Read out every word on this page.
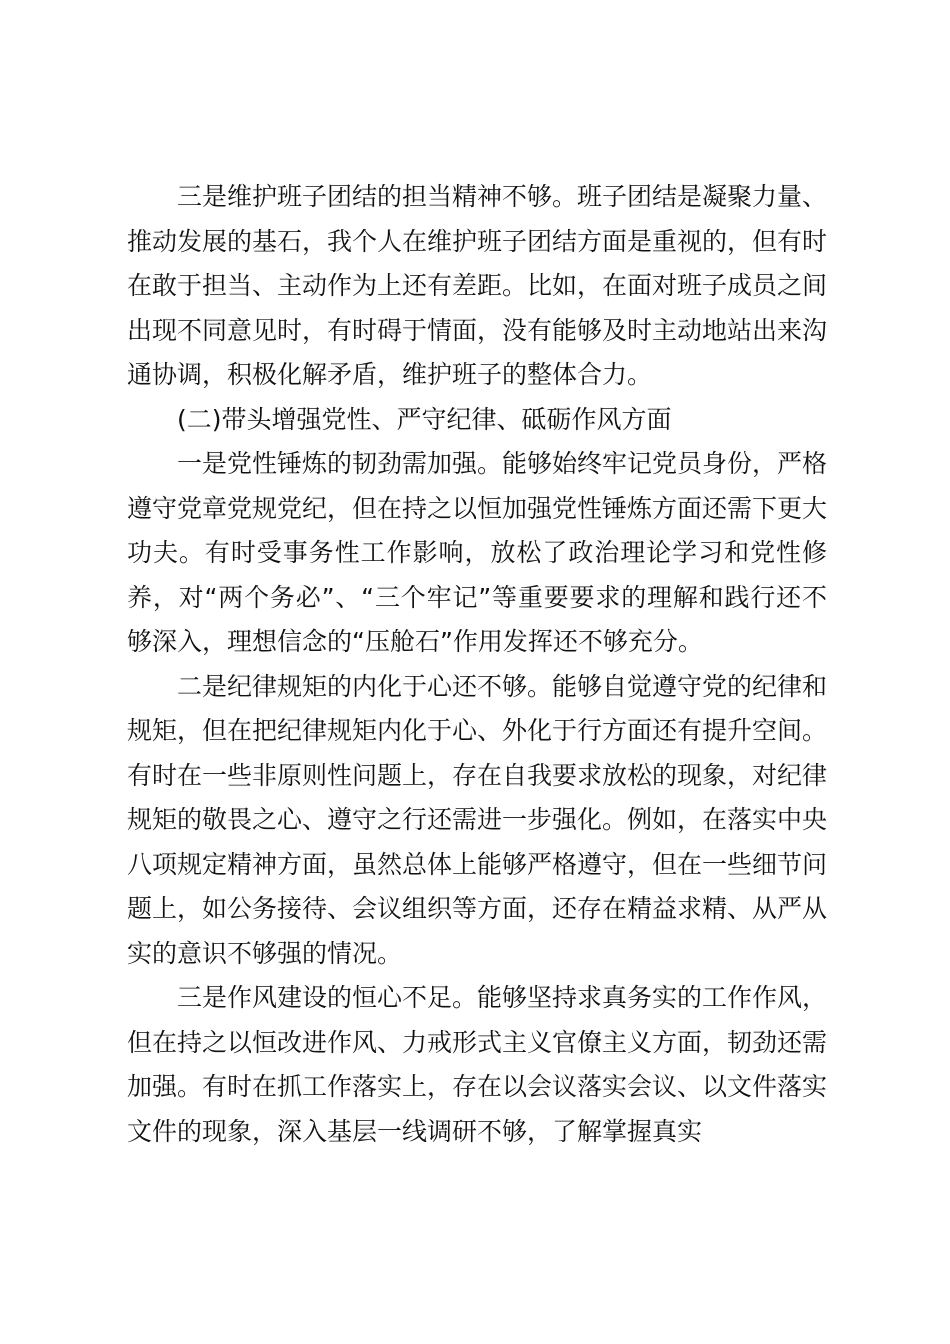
三是维护班子团结的担当精神不够。班子团结是凝聚力量、推动发展的基石，我个人在维护班子团结方面是重视的，但有时在敢于担当、主动作为上还有差距。比如，在面对班子成员之间出现不同意见时，有时碍于情面，没有能够及时主动地站出来沟通协调，积极化解矛盾，维护班子的整体合力。

(二)带头增强党性、严守纪律、砥砺作风方面

一是党性锤炼的韧劲需加强。能够始终牢记党员身份，严格遵守党章党规党纪，但在持之以恒加强党性锤炼方面还需下更大功夫。有时受事务性工作影响，放松了政治理论学习和党性修养，对“两个务必”、“三个牢记”等重要要求的理解和践行还不够深入，理想信念的“压舱石”作用发挥还不够充分。

二是纪律规矩的内化于心还不够。能够自觉遵守党的纪律和规矩，但在把纪律规矩内化于心、外化于行方面还有提升空间。有时在一些非原则性问题上，存在自我要求放松的现象，对纪律规矩的敬畏之心、遵守之行还需进一步强化。例如，在落实中央八项规定精神方面，虽然总体上能够严格遵守，但在一些细节问题上，如公务接待、会议组织等方面，还存在精益求精、从严从实的意识不够强的情况。

三是作风建设的恒心不足。能够坚持求真务实的工作作风，但在持之以恒改进作风、力戒形式主义官僚主义方面，韧劲还需加强。有时在抓工作落实上，存在以会议落实会议、以文件落实文件的现象，深入基层一线调研不够，了解掌握真实
